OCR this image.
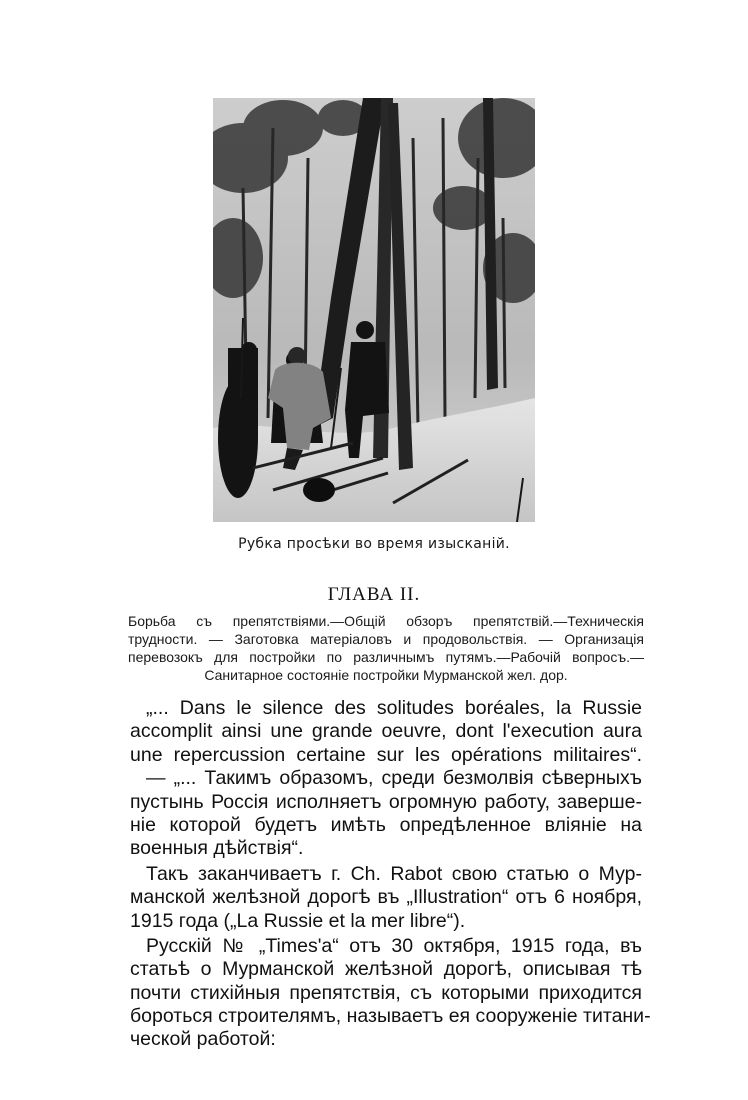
Рубка просѣки во время изысканій.
ГЛАВА II.
Борьба съ препятствіями.—Общій обзоръ препятствій.—Техническія
трудности. — Заготовка матеріаловъ и продовольствія. — Организація
перевозокъ для постройки по различнымъ путямъ.—Рабочій вопросъ.—
Санитарное состояніе постройки Мурманской жел. дор.
„... Dans le silence des solitudes boréales, la Russie
accomplit ainsi une grande oeuvre, dont l'execution aura
une repercussion certaine sur les opérations militaires“.
— „... Такимъ образомъ, среди безмолвія сѣверныхъ
пустынь Россія исполняетъ огромную работу, заверше-
ніе которой будетъ имѣть опредѣленное вліяніе на
военныя дѣйствія“.
Такъ заканчиваетъ г. Ch. Rabot свою статью о Мур-
манской желѣзной дорогѣ въ „Illustration“ отъ 6 ноября,
1915 года („La Russie et la mer libre“).
Русскій № „Times'a“ отъ 30 октября, 1915 года, въ
статьѣ о Мурманской желѣзной дорогѣ, описывая тѣ
почти стихійныя препятствія, съ которыми приходится
бороться строителямъ, называетъ ея сооруженіе титани-
ческой работой:
